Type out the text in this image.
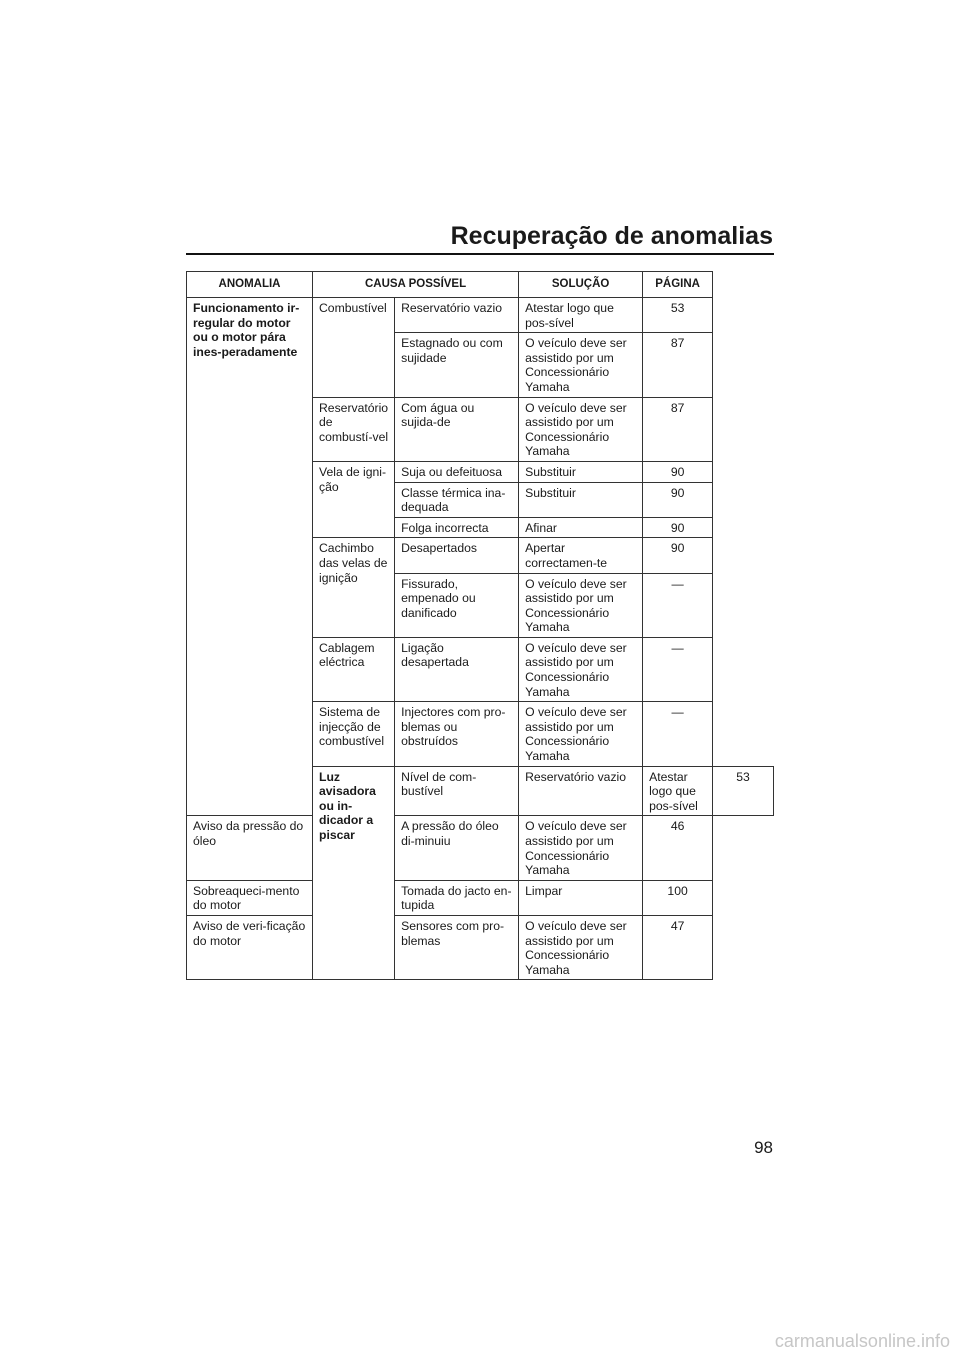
Recuperação de anomalias
ANOMALIA	CAUSA POSSÍVEL		SOLUÇÃO	PÁGINA	
Funcionamento ir-regular do motor ou o motor pára ines-peradamente	Combustível	Reservatório vazio	Atestar logo que pos-sível	53	
		Estagnado ou com sujidade	O veículo deve ser assistido por um Concessionário Yamaha	87	
	Reservatório de combustí-vel	Com água ou sujida-de	O veículo deve ser assistido por um Concessionário Yamaha	87	
	Vela de igni-ção	Suja ou defeituosa	Substituir	90	
		Classe térmica ina-dequada	Substituir	90	
		Folga incorrecta	Afinar	90	
	Cachimbo das velas de ignição	Desapertados	Apertar correctamen-te	90	
		Fissurado, empenado ou danificado	O veículo deve ser assistido por um Concessionário Yamaha	—	
	Cablagem eléctrica	Ligação desapertada	O veículo deve ser assistido por um Concessionário Yamaha	—	
	Sistema de injecção de combustível	Injectores com pro-blemas ou obstruídos	O veículo deve ser assistido por um Concessionário Yamaha	—	
	Luz avisadora ou in-dicador a piscar	Nível de com-bustível	Reservatório vazio	Atestar logo que pos-sível	53
Aviso da pressão do óleo		A pressão do óleo di-minuiu	O veículo deve ser assistido por um Concessionário Yamaha	46	
Sobreaqueci-mento do motor		Tomada do jacto en-tupida	Limpar	100	
Aviso de veri-ficação do motor		Sensores com pro-blemas	O veículo deve ser assistido por um Concessionário Yamaha	47	
98
carmanualsonline.info
